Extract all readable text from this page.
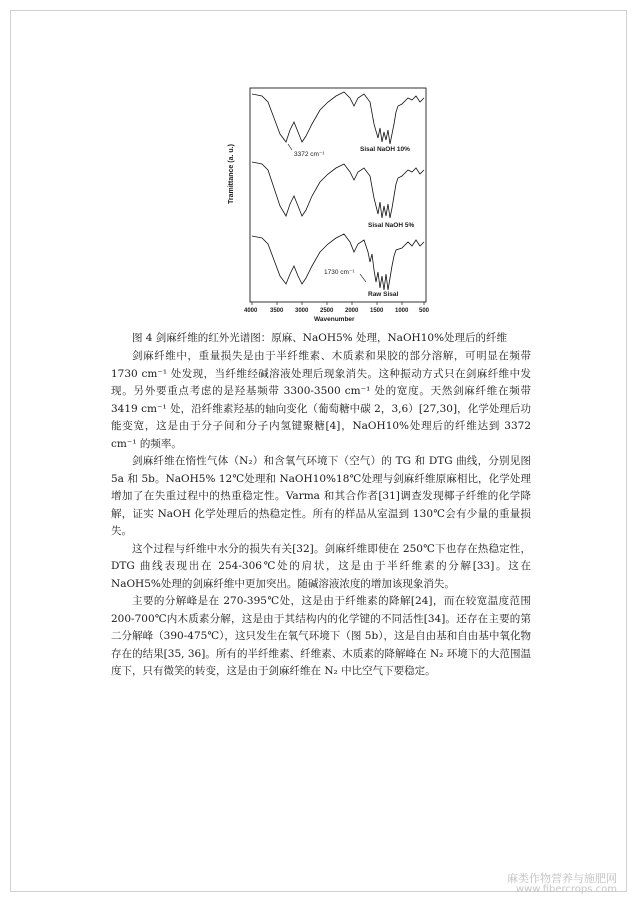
Tramittance (a. u.)
4000 3500 3000 2500 2000 1500 1000 500
Wavenumber
3372 cm⁻¹
1730 cm⁻¹
Sisal NaOH 10%
Sisal NaOH 5%
Raw Sisal
图 4 剑麻纤维的红外光谱图：原麻、NaOH5% 处理，NaOH10%处理后的纤维

剑麻纤维中，重量损失是由于半纤维素、木质素和果胶的部分溶解，可明显在频带 1730 cm⁻¹ 处发现，当纤维经碱溶液处理后现象消失。这种振动方式只在剑麻纤维中发现。另外要重点考虑的是羟基频带 3300-3500 cm⁻¹ 处的宽度。天然剑麻纤维在频带 3419 cm⁻¹ 处，沿纤维素羟基的轴向变化（葡萄糖中碳 2，3,6）[27,30]，化学处理后功能变宽，这是由于分子间和分子内氢键聚糖[4]，NaOH10%处理后的纤维达到 3372 cm⁻¹ 的频率。

剑麻纤维在惰性气体（N₂）和含氧气环境下（空气）的 TG 和 DTG 曲线，分别见图 5a 和 5b。NaOH5% 12℃处理和 NaOH10%18℃处理与剑麻纤维原麻相比，化学处理增加了在失重过程中的热重稳定性。Varma 和其合作者[31]调查发现椰子纤维的化学降解，证实 NaOH 化学处理后的热稳定性。所有的样品从室温到 130℃会有少量的重量损失。

这个过程与纤维中水分的损失有关[32]。剑麻纤维即使在 250℃下也存在热稳定性，DTG 曲线表现出在 254-306℃处的肩状，这是由于半纤维素的分解[33]。这在 NaOH5%处理的剑麻纤维中更加突出。随碱溶液浓度的增加该现象消失。

主要的分解峰是在 270-395℃处，这是由于纤维素的降解[24]，而在较宽温度范围 200-700℃内木质素分解，这是由于其结构内的化学键的不同活性[34]。还存在主要的第二分解峰（390-475℃），这只发生在氧气环境下（图 5b），这是自由基和自由基中氧化物存在的结果[35, 36]。所有的半纤维素、纤维素、木质素的降解峰在 N₂ 环境下的大范围温度下，只有微笑的转变，这是由于剑麻纤维在 N₂ 中比空气下要稳定。

麻类作物营养与施肥网
www.fibercrops.com
